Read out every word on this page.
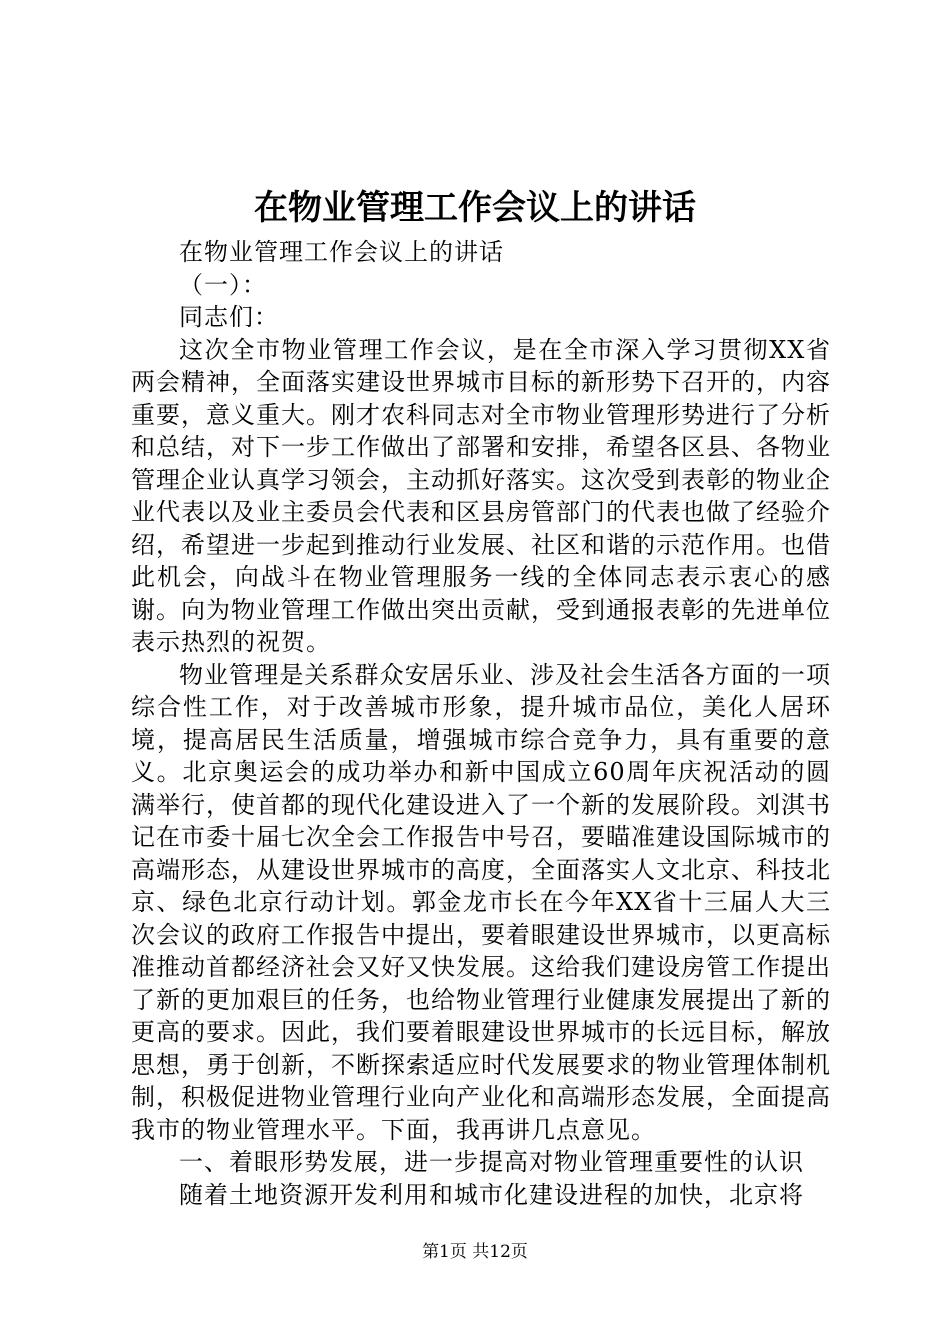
在物业管理工作会议上的讲话

在物业管理工作会议上的讲话

（一）：

同志们：

这次全市物业管理工作会议，是在全市深入学习贯彻XX省两会精神，全面落实建设世界城市目标的新形势下召开的，内容重要，意义重大。刚才农科同志对全市物业管理形势进行了分析和总结，对下一步工作做出了部署和安排，希望各区县、各物业管理企业认真学习领会，主动抓好落实。这次受到表彰的物业企业代表以及业主委员会代表和区县房管部门的代表也做了经验介绍，希望进一步起到推动行业发展、社区和谐的示范作用。也借此机会，向战斗在物业管理服务一线的全体同志表示衷心的感谢。向为物业管理工作做出突出贡献，受到通报表彰的先进单位表示热烈的祝贺。

物业管理是关系群众安居乐业、涉及社会生活各方面的一项综合性工作，对于改善城市形象，提升城市品位，美化人居环境，提高居民生活质量，增强城市综合竞争力，具有重要的意义。北京奥运会的成功举办和新中国成立60周年庆祝活动的圆满举行，使首都的现代化建设进入了一个新的发展阶段。刘淇书记在市委十届七次全会工作报告中号召，要瞄准建设国际城市的高端形态，从建设世界城市的高度，全面落实人文北京、科技北京、绿色北京行动计划。郭金龙市长在今年XX省十三届人大三次会议的政府工作报告中提出，要着眼建设世界城市，以更高标准推动首都经济社会又好又快发展。这给我们建设房管工作提出了新的更加艰巨的任务，也给物业管理行业健康发展提出了新的更高的要求。因此，我们要着眼建设世界城市的长远目标，解放思想，勇于创新，不断探索适应时代发展要求的物业管理体制机制，积极促进物业管理行业向产业化和高端形态发展，全面提高我市的物业管理水平。下面，我再讲几点意见。

一、着眼形势发展，进一步提高对物业管理重要性的认识

随着土地资源开发利用和城市化建设进程的加快，北京将

第1页 共12页
